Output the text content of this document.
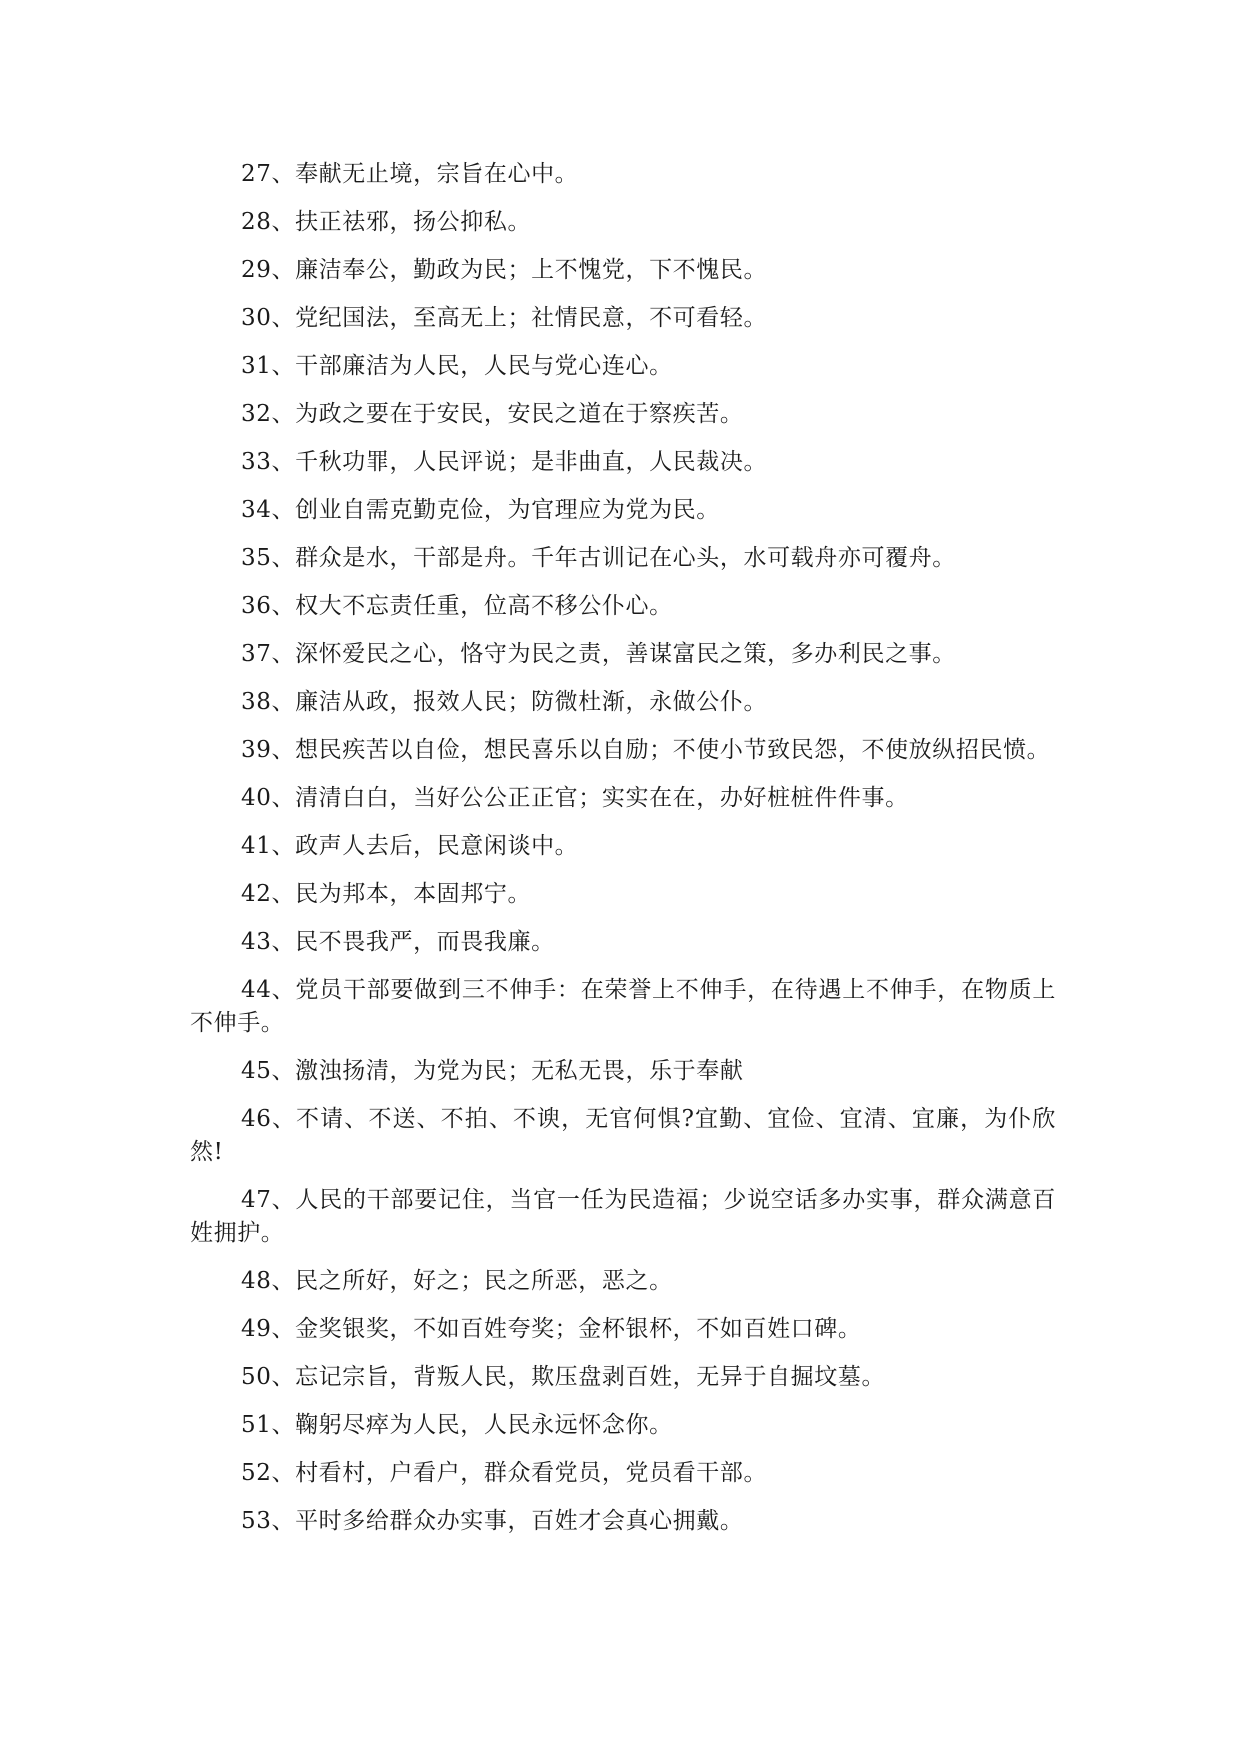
27、奉献无止境，宗旨在心中。

28、扶正祛邪，扬公抑私。

29、廉洁奉公，勤政为民；上不愧党，下不愧民。

30、党纪国法，至高无上；社情民意，不可看轻。

31、干部廉洁为人民，人民与党心连心。

32、为政之要在于安民，安民之道在于察疾苦。

33、千秋功罪，人民评说；是非曲直，人民裁决。

34、创业自需克勤克俭，为官理应为党为民。

35、群众是水，干部是舟。千年古训记在心头，水可载舟亦可覆舟。

36、权大不忘责任重，位高不移公仆心。

37、深怀爱民之心，恪守为民之责，善谋富民之策，多办利民之事。

38、廉洁从政，报效人民；防微杜渐，永做公仆。

39、想民疾苦以自俭，想民喜乐以自励；不使小节致民怨，不使放纵招民愤。

40、清清白白，当好公公正正官；实实在在，办好桩桩件件事。

41、政声人去后，民意闲谈中。

42、民为邦本，本固邦宁。

43、民不畏我严，而畏我廉。

44、党员干部要做到三不伸手：在荣誉上不伸手，在待遇上不伸手，在物质上不伸手。

45、激浊扬清，为党为民；无私无畏，乐于奉献

46、不请、不送、不拍、不谀，无官何惧?宜勤、宜俭、宜清、宜廉，为仆欣然!

47、人民的干部要记住，当官一任为民造福；少说空话多办实事，群众满意百姓拥护。

48、民之所好，好之；民之所恶，恶之。

49、金奖银奖，不如百姓夸奖；金杯银杯，不如百姓口碑。

50、忘记宗旨，背叛人民，欺压盘剥百姓，无异于自掘坟墓。

51、鞠躬尽瘁为人民，人民永远怀念你。

52、村看村，户看户，群众看党员，党员看干部。

53、平时多给群众办实事，百姓才会真心拥戴。
